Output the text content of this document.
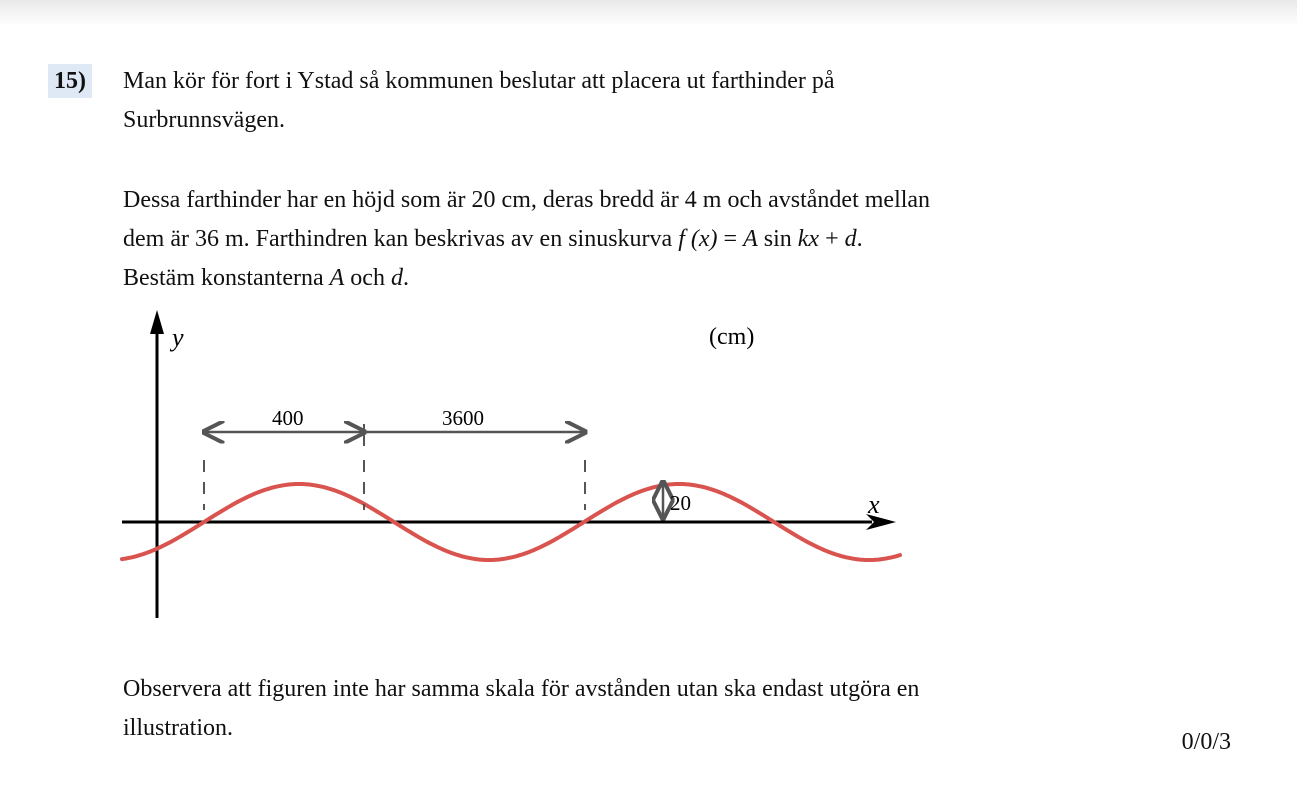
15) Man kör för fort i Ystad så kommunen beslutar att placera ut farthinder på
Surbrunnsvägen.

Dessa farthinder har en höjd som är 20 cm, deras bredd är 4 m och avståndet mellan
dem är 36 m. Farthindren kan beskrivas av en sinuskurva f (x) = A sin kx + d.
Bestäm konstanterna A och d.

y
x
(cm)
400	3600
20

Observera att figuren inte har samma skala för avstånden utan ska endast utgöra en
illustration.

0/0/3
